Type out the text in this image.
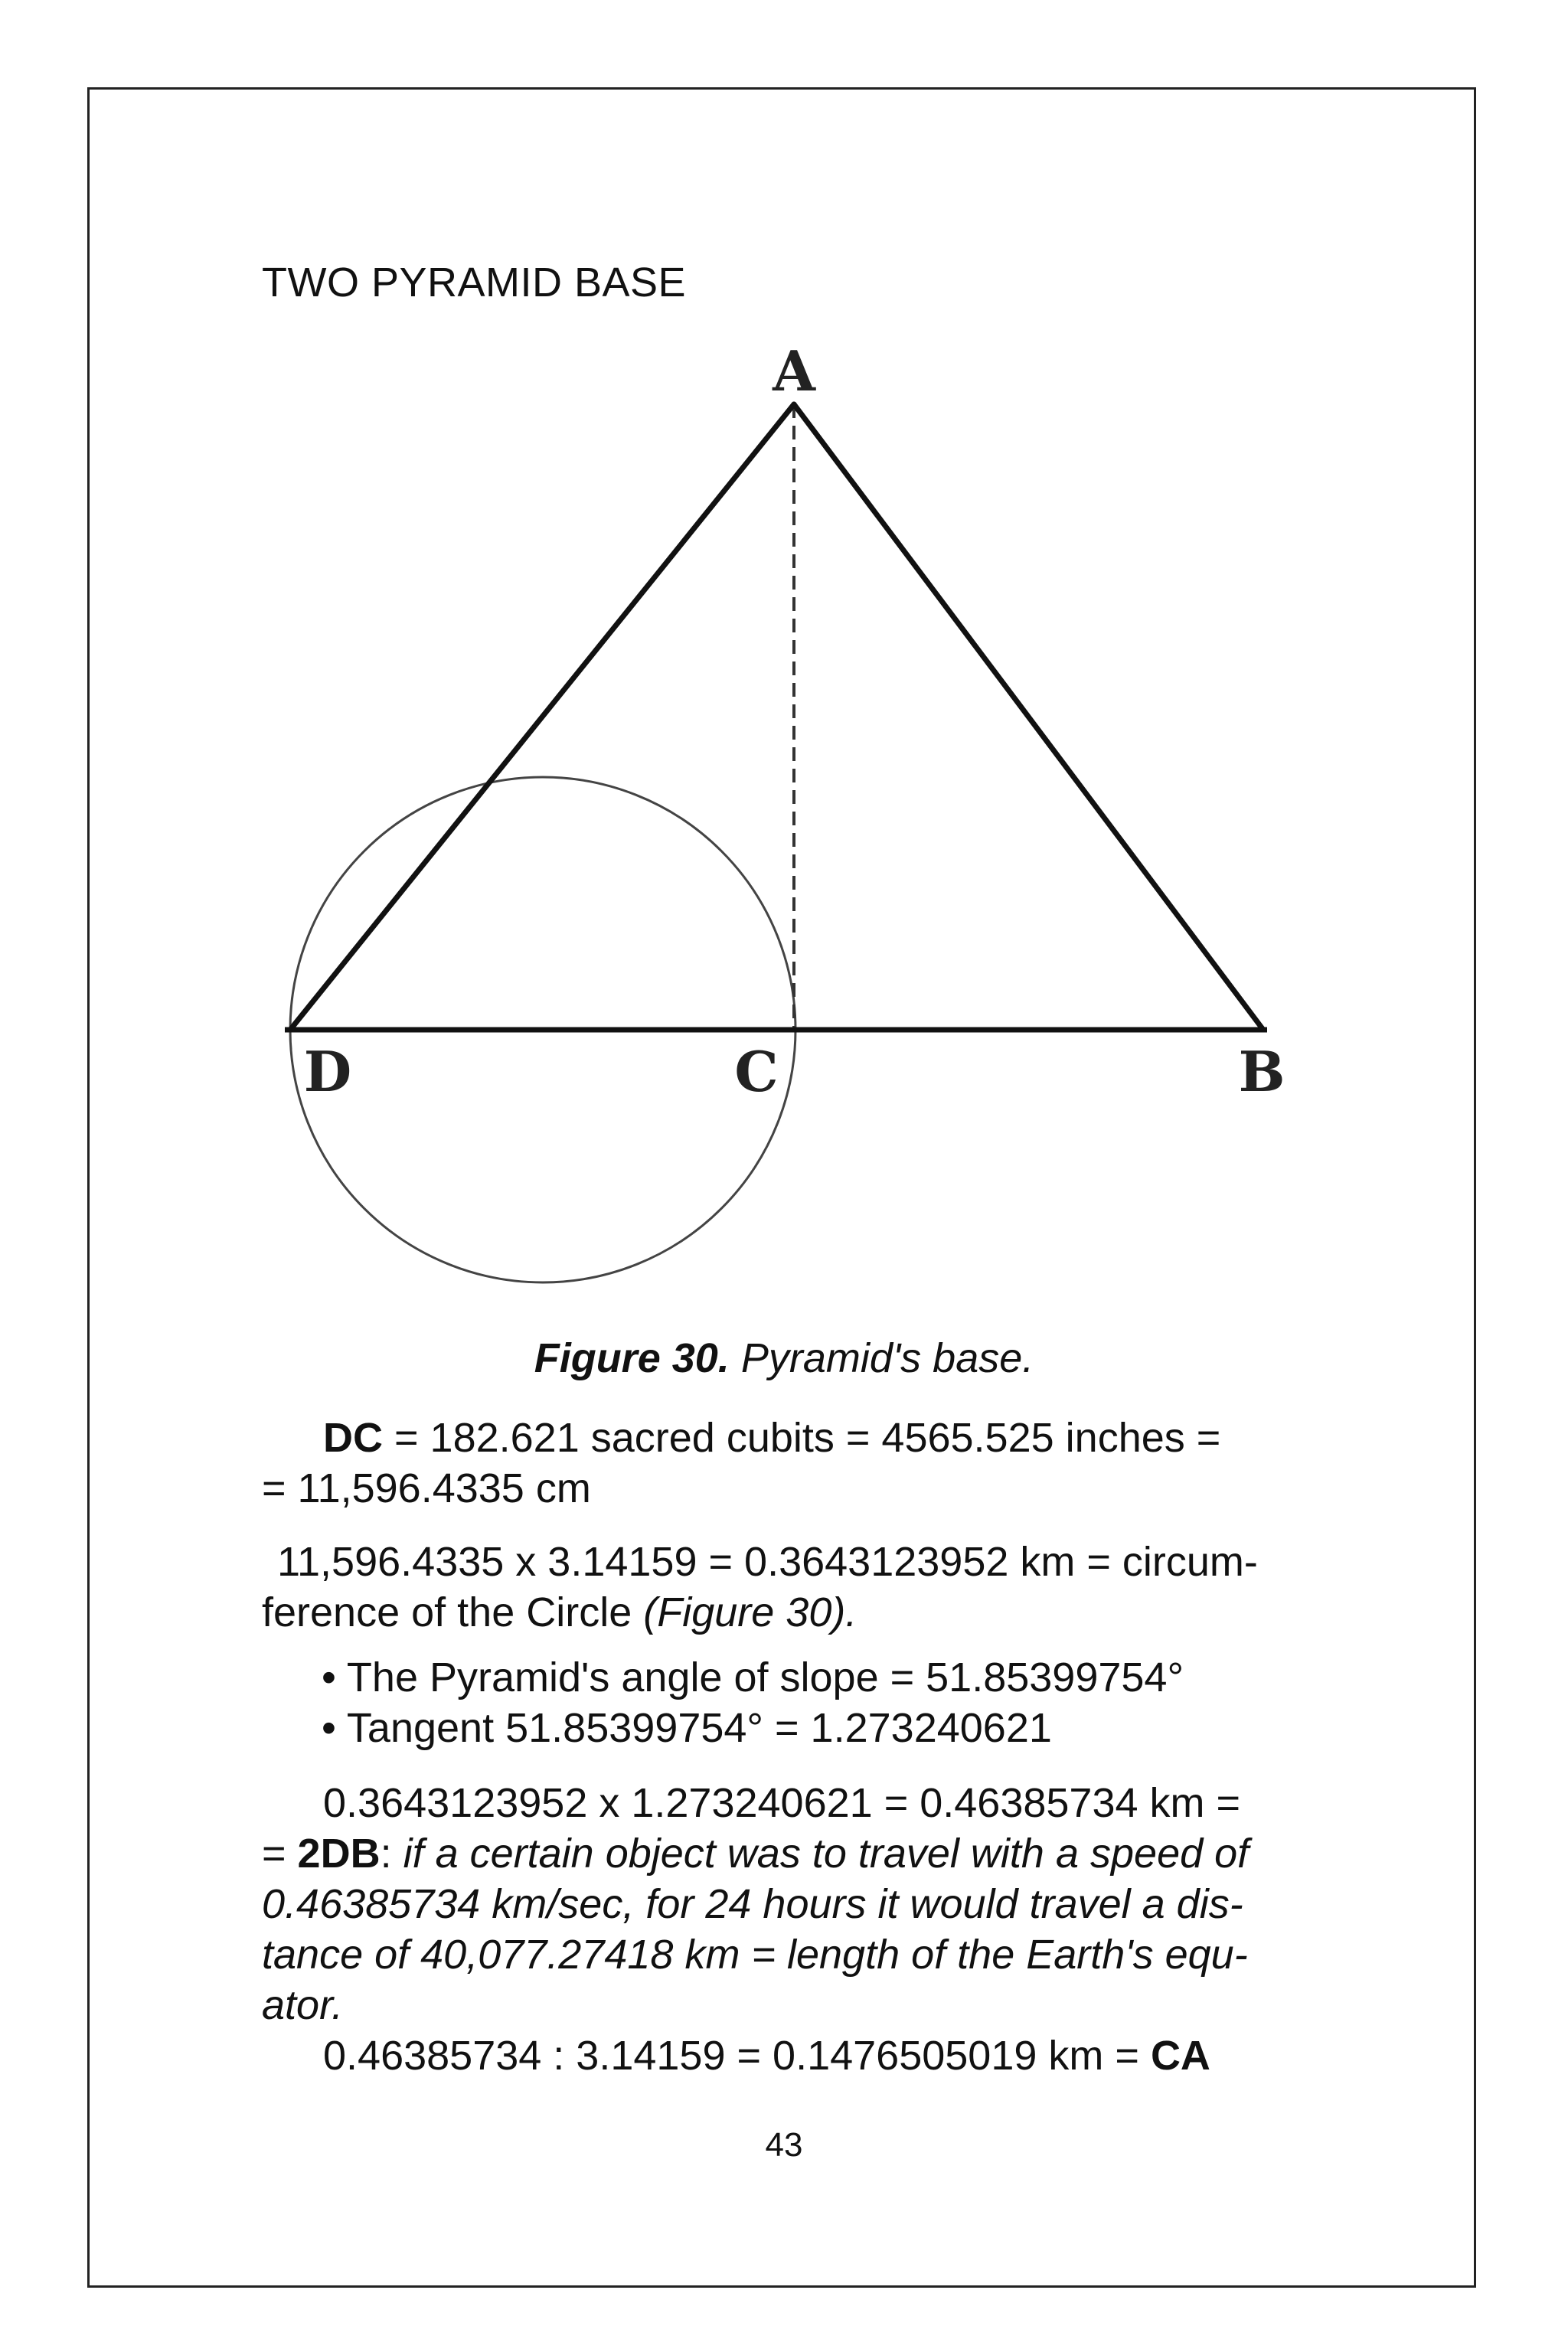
TWO PYRAMID BASE
A
D	C	B
Figure 30. Pyramid's base.
DC = 182.621 sacred cubits = 4565.525 inches =
= 11,596.4335 cm
11,596.4335 x 3.14159 = 0.3643123952 km = circum-
ference of the Circle (Figure 30).
• The Pyramid's angle of slope = 51.85399754°
• Tangent 51.85399754° = 1.273240621
0.3643123952 x 1.273240621 = 0.46385734 km =
= 2DB: if a certain object was to travel with a speed of
0.46385734 km/sec, for 24 hours it would travel a dis-
tance of 40,077.27418 km = length of the Earth's equ-
ator.
0.46385734 : 3.14159 = 0.1476505019 km = CA
43
